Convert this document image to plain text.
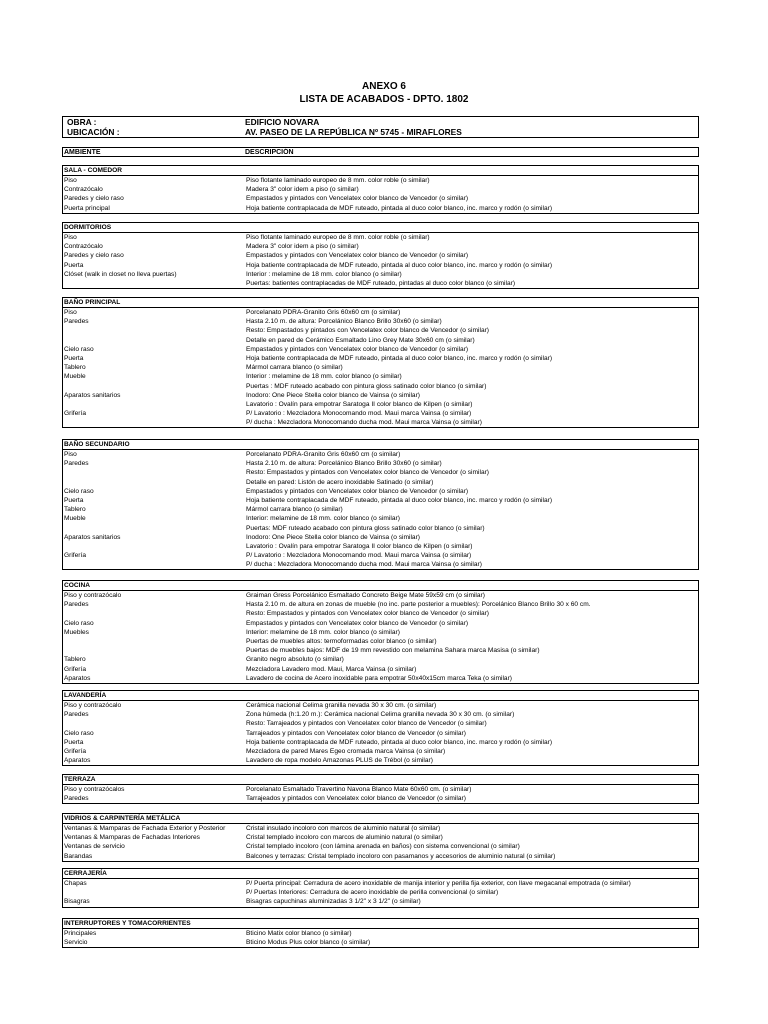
ANEXO 6
LISTA DE ACABADOS - DPTO. 1802
OBRA :	EDIFICIO NOVARA
UBICACIÓN :	AV. PASEO DE LA REPÚBLICA Nº 5745 - MIRAFLORES
AMBIENTE	DESCRIPCIÓN
SALA - COMEDOR
Piso	Piso flotante laminado europeo de 8 mm. color roble (o similar)
Contrazócalo	Madera 3" color idem a piso (o similar)
Paredes y cielo raso	Empastados y pintados con Vencelatex color blanco de Vencedor (o similar)
Puerta principal	Hoja batiente contraplacada de MDF ruteado, pintada al duco color blanco, inc. marco y rodón (o similar)
DORMITORIOS
Piso	Piso flotante laminado europeo de 8 mm. color roble (o similar)
Contrazócalo	Madera 3" color idem a piso (o similar)
Paredes y cielo raso	Empastados y pintados con Vencelatex color blanco de Vencedor (o similar)
Puerta	Hoja batiente contraplacada de MDF ruteado, pintada al duco color blanco, inc. marco y rodón (o similar)
Clóset (walk in closet no lleva puertas)	Interior : melamine de 18 mm. color blanco (o similar)
Puertas: batientes contraplacadas de MDF ruteado, pintadas al duco color blanco (o similar)
BAÑO PRINCIPAL
Piso	Porcelanato PDRA-Granito Gris 60x60 cm (o similar)
Paredes	Hasta 2.10 m. de altura: Porcelánico Blanco Brillo 30x60 (o similar)
Resto: Empastados y pintados con Vencelatex color blanco de Vencedor (o similar)
Detalle en pared de Cerámico Esmaltado Lino Grey Mate 30x60 cm (o similar)
Cielo raso	Empastados y pintados con Vencelatex color blanco de Vencedor (o similar)
Puerta	Hoja batiente contraplacada de MDF ruteado, pintada al duco color blanco, inc. marco y rodón (o similar)
Tablero	Mármol carrara blanco (o similar)
Mueble	Interior : melamine de 18 mm. color blanco (o similar)
Puertas : MDF ruteado acabado con pintura gloss satinado color blanco (o similar)
Aparatos sanitarios	Inodoro: One Piece Stella color blanco de Vainsa (o similar)
Lavatorio : Ovalín para empotrar Saratoga II color blanco de Kilpen (o similar)
Grifería	P/ Lavatorio : Mezcladora Monocomando mod. Maui marca Vainsa (o similar)
P/ ducha : Mezcladora Monocomando ducha mod. Maui marca Vainsa (o similar)
BAÑO SECUNDARIO
Piso	Porcelanato PDRA-Granito Gris 60x60 cm (o similar)
Paredes	Hasta 2.10 m. de altura: Porcelánico Blanco Brillo 30x60 (o similar)
Resto: Empastados y pintados con Vencelatex color blanco de Vencedor (o similar)
Detalle en pared: Listón de acero inoxidable Satinado (o similar)
Cielo raso	Empastados y pintados con Vencelatex color blanco de Vencedor (o similar)
Puerta	Hoja batiente contraplacada de MDF ruteado, pintada al duco color blanco, inc. marco y rodón (o similar)
Tablero	Mármol carrara blanco (o similar)
Mueble	Interior: melamine de 18 mm. color blanco (o similar)
Puertas: MDF ruteado acabado con pintura gloss satinado color blanco (o similar)
Aparatos sanitarios	Inodoro: One Piece Stella color blanco de Vainsa (o similar)
Lavatorio : Ovalín para empotrar Saratoga II color blanco de Kilpen (o similar)
Grifería	P/ Lavatorio : Mezcladora Monocomando mod. Maui marca Vainsa (o similar)
P/ ducha : Mezcladora Monocomando ducha mod. Maui marca Vainsa (o similar)
COCINA
Piso y contrazócalo	Graiman Gress Porcelánico Esmaltado Concreto Beige Mate 59x59 cm (o similar)
Paredes	Hasta 2.10 m. de altura en zonas de mueble (no inc. parte posterior a muebles): Porcelánico Blanco Brillo 30 x 60 cm.
Resto: Empastados y pintados con Vencelatex color blanco de Vencedor (o similar)
Cielo raso	Empastados y pintados con Vencelatex color blanco de Vencedor (o similar)
Muebles	Interior: melamine de 18 mm. color blanco (o similar)
Puertas de muebles altos: termoformadas color blanco (o similar)
Puertas de muebles bajos: MDF de 19 mm revestido con melamina Sahara marca Masisa (o similar)
Tablero	Granito negro absoluto (o similar)
Grifería	Mezcladora Lavadero mod. Maui, Marca Vainsa (o similar)
Aparatos	Lavadero de cocina de Acero inoxidable para empotrar 50x40x15cm marca Teka (o similar)
LAVANDERÍA
Piso y contrazócalo	Cerámica nacional Celima granilla nevada 30 x 30 cm. (o similar)
Paredes	Zona húmeda (h:1.20 m.): Cerámica nacional Celima granilla nevada 30 x 30 cm. (o similar)
Resto: Tarrajeados y pintados con Vencelatex color blanco de Vencedor (o similar)
Cielo raso	Tarrajeados y pintados con Vencelatex color blanco de Vencedor (o similar)
Puerta	Hoja batiente contraplacada de MDF ruteado, pintada al duco color blanco, inc. marco y rodón (o similar)
Grifería	Mezcladora de pared Mares Egeo cromada marca Vainsa (o similar)
Aparatos	Lavadero de ropa modelo Amazonas PLUS de Trébol (o similar)
TERRAZA
Piso y contrazócalos	Porcelanato Esmaltado Travertino Navona Blanco Mate 60x60 cm. (o similar)
Paredes	Tarrajeados y pintados con Vencelatex color blanco de Vencedor (o similar)
VIDRIOS & CARPINTERÍA METÁLICA
Ventanas & Mamparas de Fachada Exterior y Posterior	Cristal insulado incoloro con marcos de aluminio natural (o similar)
Ventanas & Mamparas de Fachadas Interiores	Cristal templado incoloro con marcos de aluminio natural (o similar)
Ventanas de servicio	Cristal templado incoloro (con lámina arenada en baños) con sistema convencional (o similar)
Barandas	Balcones y terrazas: Cristal templado incoloro con pasamanos y accesorios de aluminio natural (o similar)
CERRAJERÍA
Chapas	P/ Puerta principal: Cerradura de acero inoxidable de manija interior y perilla fija exterior, con llave megacanal empotrada (o similar)
P/ Puertas Interiores: Cerradura de acero inoxidable de perilla convencional (o similar)
Bisagras	Bisagras capuchinas aluminizadas 3 1/2" x 3 1/2" (o similar)
INTERRUPTORES Y TOMACORRIENTES
Principales	Bticino Matix color blanco (o similar)
Servicio	Bticino Modus Plus color blanco (o similar)
